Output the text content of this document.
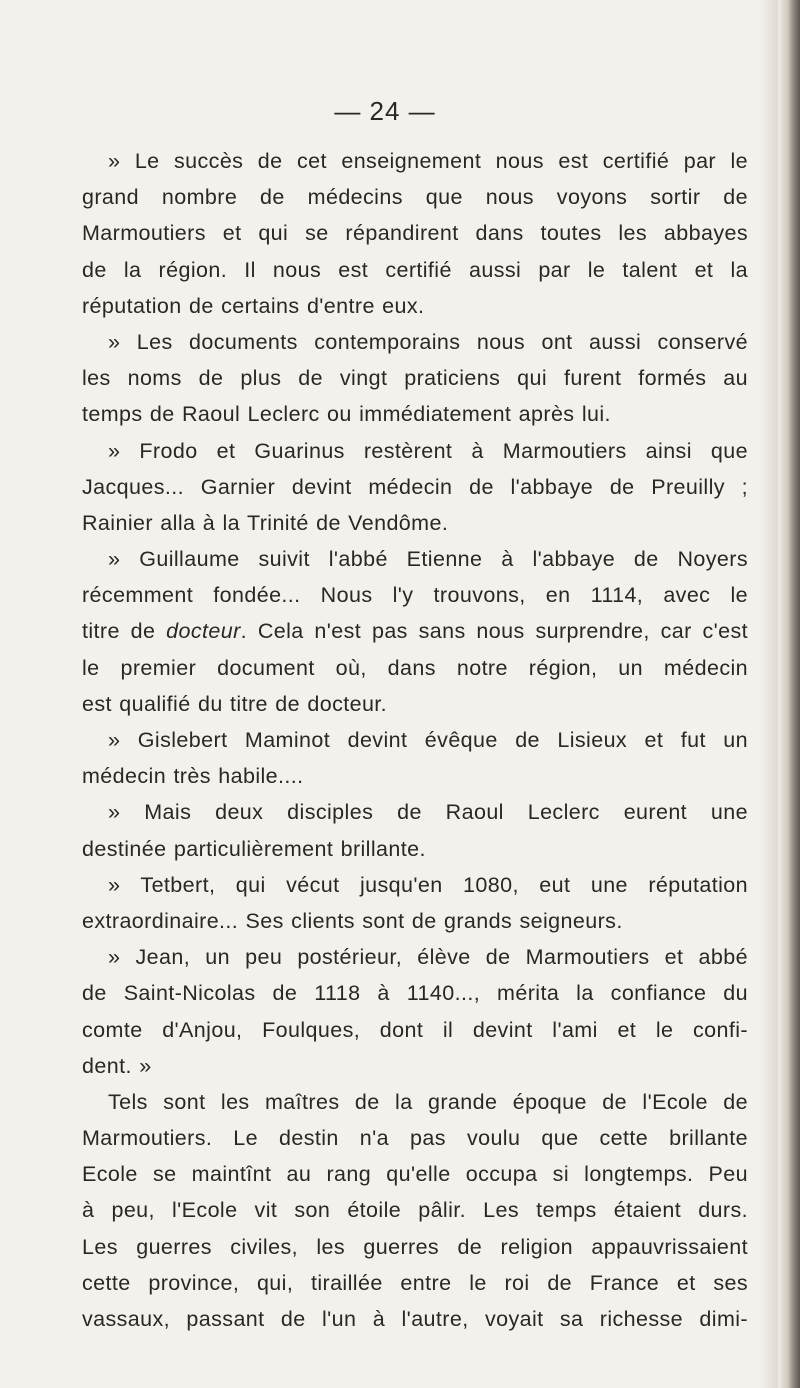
— 24 —
» Le succès de cet enseignement nous est certifié par le
grand nombre de médecins que nous voyons sortir de
Marmoutiers et qui se répandirent dans toutes les abbayes
de la région. Il nous est certifié aussi par le talent et la
réputation de certains d'entre eux.
» Les documents contemporains nous ont aussi conservé
les noms de plus de vingt praticiens qui furent formés au
temps de Raoul Leclerc ou immédiatement après lui.
» Frodo et Guarinus restèrent à Marmoutiers ainsi que
Jacques... Garnier devint médecin de l'abbaye de Preuilly ;
Rainier alla à la Trinité de Vendôme.
» Guillaume suivit l'abbé Etienne à l'abbaye de Noyers
récemment fondée... Nous l'y trouvons, en 1114, avec le
titre de docteur. Cela n'est pas sans nous surprendre, car c'est
le premier document où, dans notre région, un médecin
est qualifié du titre de docteur.
» Gislebert Maminot devint évêque de Lisieux et fut un
médecin très habile....
» Mais deux disciples de Raoul Leclerc eurent une
destinée particulièrement brillante.
» Tetbert, qui vécut jusqu'en 1080, eut une réputation
extraordinaire... Ses clients sont de grands seigneurs.
» Jean, un peu postérieur, élève de Marmoutiers et abbé
de Saint-Nicolas de 1118 à 1140..., mérita la confiance du
comte d'Anjou, Foulques, dont il devint l'ami et le confi-
dent. »
Tels sont les maîtres de la grande époque de l'Ecole de
Marmoutiers. Le destin n'a pas voulu que cette brillante
Ecole se maintînt au rang qu'elle occupa si longtemps. Peu
à peu, l'Ecole vit son étoile pâlir. Les temps étaient durs.
Les guerres civiles, les guerres de religion appauvrissaient
cette province, qui, tiraillée entre le roi de France et ses
vassaux, passant de l'un à l'autre, voyait sa richesse dimi-
